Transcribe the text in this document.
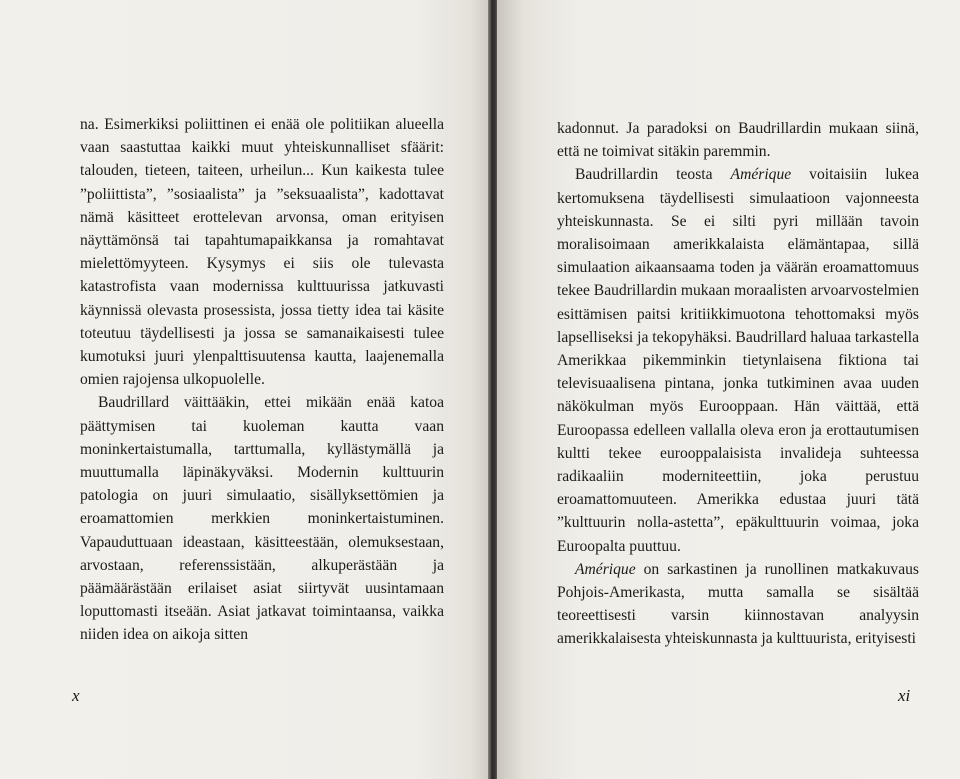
na. Esimerkiksi poliittinen ei enää ole politiikan alueella vaan saastuttaa kaikki muut yhteiskunnalliset sfäärit: talouden, tieteen, taiteen, urheilun... Kun kaikesta tulee ”poliittista”, ”sosiaalista” ja ”seksuaalista”, kadottavat nämä käsitteet erottelevan arvonsa, oman erityisen näyttämönsä tai tapahtumapaikkansa ja romahtavat mielettömyyteen. Kysymys ei siis ole tulevasta katastrofista vaan modernissa kulttuurissa jatkuvasti käynnissä olevasta prosessista, jossa tietty idea tai käsite toteutuu täydellisesti ja jossa se samanaikaisesti tulee kumotuksi juuri ylenpalttisuutensa kautta, laajenemalla omien rajojensa ulkopuolelle.

Baudrillard väittääkin, ettei mikään enää katoa päättymisen tai kuoleman kautta vaan moninkertaistumalla, tarttumalla, kyllästymällä ja muuttumalla läpinäkyväksi. Modernin kulttuurin patologia on juuri simulaatio, sisällyksettömien ja eroamattomien merkkien moninkertaistuminen. Vapauduttuaan ideastaan, käsitteestään, olemuksestaan, arvostaan, referenssistään, alkuperästään ja päämäärästään erilaiset asiat siirtyvät uusintamaan loputtomasti itseään. Asiat jatkavat toimintaansa, vaikka niiden idea on aikoja sitten

x

kadonnut. Ja paradoksi on Baudrillardin mukaan siinä, että ne toimivat sitäkin paremmin.

Baudrillardin teosta Amérique voitaisiin lukea kertomuksena täydellisesti simulaatioon vajonneesta yhteiskunnasta. Se ei silti pyri millään tavoin moralisoimaan amerikkalaista elämäntapaa, sillä simulaation aikaansaama toden ja väärän eroamattomuus tekee Baudrillardin mukaan moraalisten arvoarvostelmien esittämisen paitsi kritiikkimuotona tehottomaksi myös lapselliseksi ja tekopyhäksi. Baudrillard haluaa tarkastella Amerikkaa pikemminkin tietynlaisena fiktiona tai televisuaalisena pintana, jonka tutkiminen avaa uuden näkökulman myös Eurooppaan. Hän väittää, että Euroopassa edelleen vallalla oleva eron ja erottautumisen kultti tekee eurooppalaisista invalideja suhteessa radikaaliin moderniteettiin, joka perustuu eroamattomuuteen. Amerikka edustaa juuri tätä ”kulttuurin nolla-astetta”, epäkulttuurin voimaa, joka Euroopalta puuttuu.

Amérique on sarkastinen ja runollinen matkakuvaus Pohjois-Amerikasta, mutta samalla se sisältää teoreettisesti varsin kiinnostavan analyysin amerikkalaisesta yhteiskunnasta ja kulttuurista, erityisesti

xi
